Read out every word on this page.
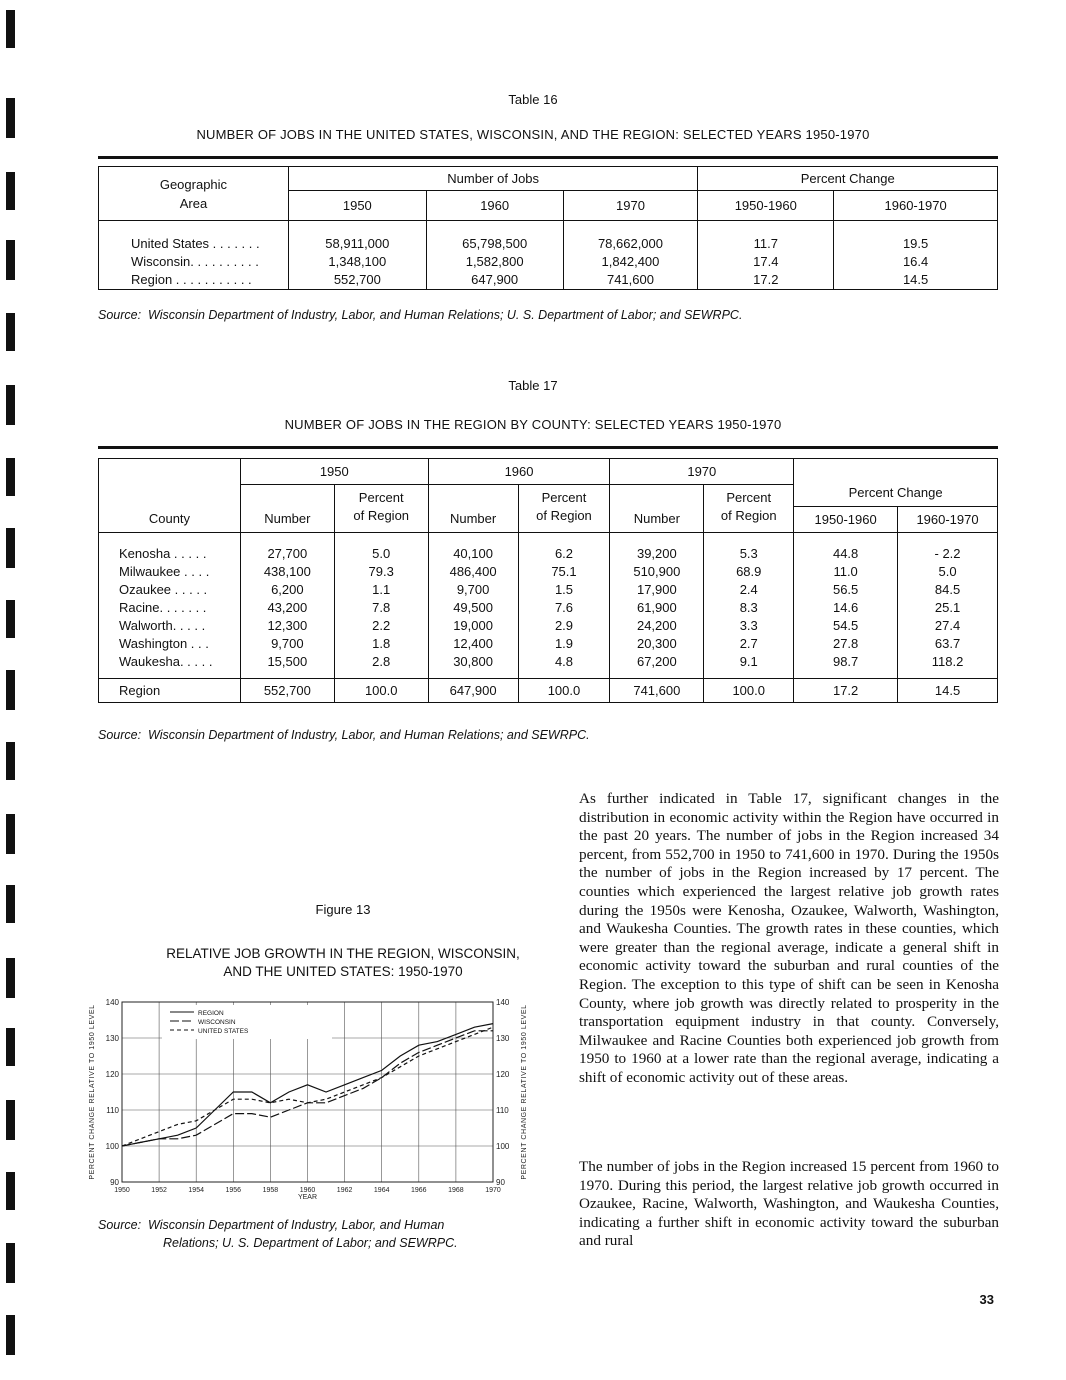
Table 16
NUMBER OF JOBS IN THE UNITED STATES, WISCONSIN, AND THE REGION: SELECTED YEARS 1950-1970
Geographic
Area	Number of Jobs			Percent Change	
	1950	1960	1970	1950-1960	1960-1970

United States . . . . . . .	58,911,000	65,798,500	78,662,000	11.7	19.5
Wisconsin. . . . . . . . . .	1,348,100	1,582,800	1,842,400	17.4	16.4
Region . . . . . . . . . . .	552,700	647,900	741,600	17.2	14.5
Source: Wisconsin Department of Industry, Labor, and Human Relations; U. S. Department of Labor; and SEWRPC.
Table 17
NUMBER OF JOBS IN THE REGION BY COUNTY: SELECTED YEARS 1950-1970
County	1950		1960		1970		Percent Change	
	Number	Percent	Number	Percent	Number	Percent		
		of Region		of Region		of Region	1950-1960	1960-1970

Kenosha . . . . .	27,700	5.0	40,100	6.2	39,200	5.3	44.8	- 2.2
Milwaukee . . . .	438,100	79.3	486,400	75.1	510,900	68.9	11.0	5.0
Ozaukee . . . . .	6,200	1.1	9,700	1.5	17,900	2.4	56.5	84.5
Racine. . . . . . .	43,200	7.8	49,500	7.6	61,900	8.3	14.6	25.1
Walworth. . . . .	12,300	2.2	19,000	2.9	24,200	3.3	54.5	27.4
Washington . . .	9,700	1.8	12,400	1.9	20,300	2.7	27.8	63.7
Waukesha. . . . .	15,500	2.8	30,800	4.8	67,200	9.1	98.7	118.2

Region	552,700	100.0	647,900	100.0	741,600	100.0	17.2	14.5
Source: Wisconsin Department of Industry, Labor, and Human Relations; and SEWRPC.
Figure 13
RELATIVE JOB GROWTH IN THE REGION, WISCONSIN,
AND THE UNITED STATES: 1950-1970
90	90
100	100
110	110
120	120
130	130
140	140
1950	1952	1954	1956	1958	1960	1962	1964	1966	1968	1970
YEAR
PERCENT CHANGE RELATIVE TO 1950 LEVEL	PERCENT CHANGE RELATIVE TO 1950 LEVEL
REGION
WISCONSIN
UNITED STATES
Source: Wisconsin Department of Industry, Labor, and Human
Relations; U. S. Department of Labor; and SEWRPC.
As further indicated in Table 17, significant changes in the distribution in economic activity within the Region have occurred in the past 20 years. The number of jobs in the Region increased 34 percent, from 552,700 in 1950 to 741,600 in 1970. During the 1950s the number of jobs in the Region increased by 17 percent. The counties which experienced the largest relative job growth rates during the 1950s were Kenosha, Ozaukee, Walworth, Washington, and Waukesha Counties. The growth rates in these counties, which were greater than the regional average, indicate a general shift in economic activity toward the suburban and rural counties of the Region. The exception to this type of shift can be seen in Kenosha County, where job growth was directly related to prosperity in the transportation equipment industry in that county. Conversely, Milwaukee and Racine Counties both experienced job growth from 1950 to 1960 at a lower rate than the regional average, indicating a shift of economic activity out of these areas.
The number of jobs in the Region increased 15 percent from 1960 to 1970. During this period, the largest relative job growth occurred in Ozaukee, Racine, Walworth, Washington, and Waukesha Counties, indicating a further shift in economic activity toward the suburban and rural
33
